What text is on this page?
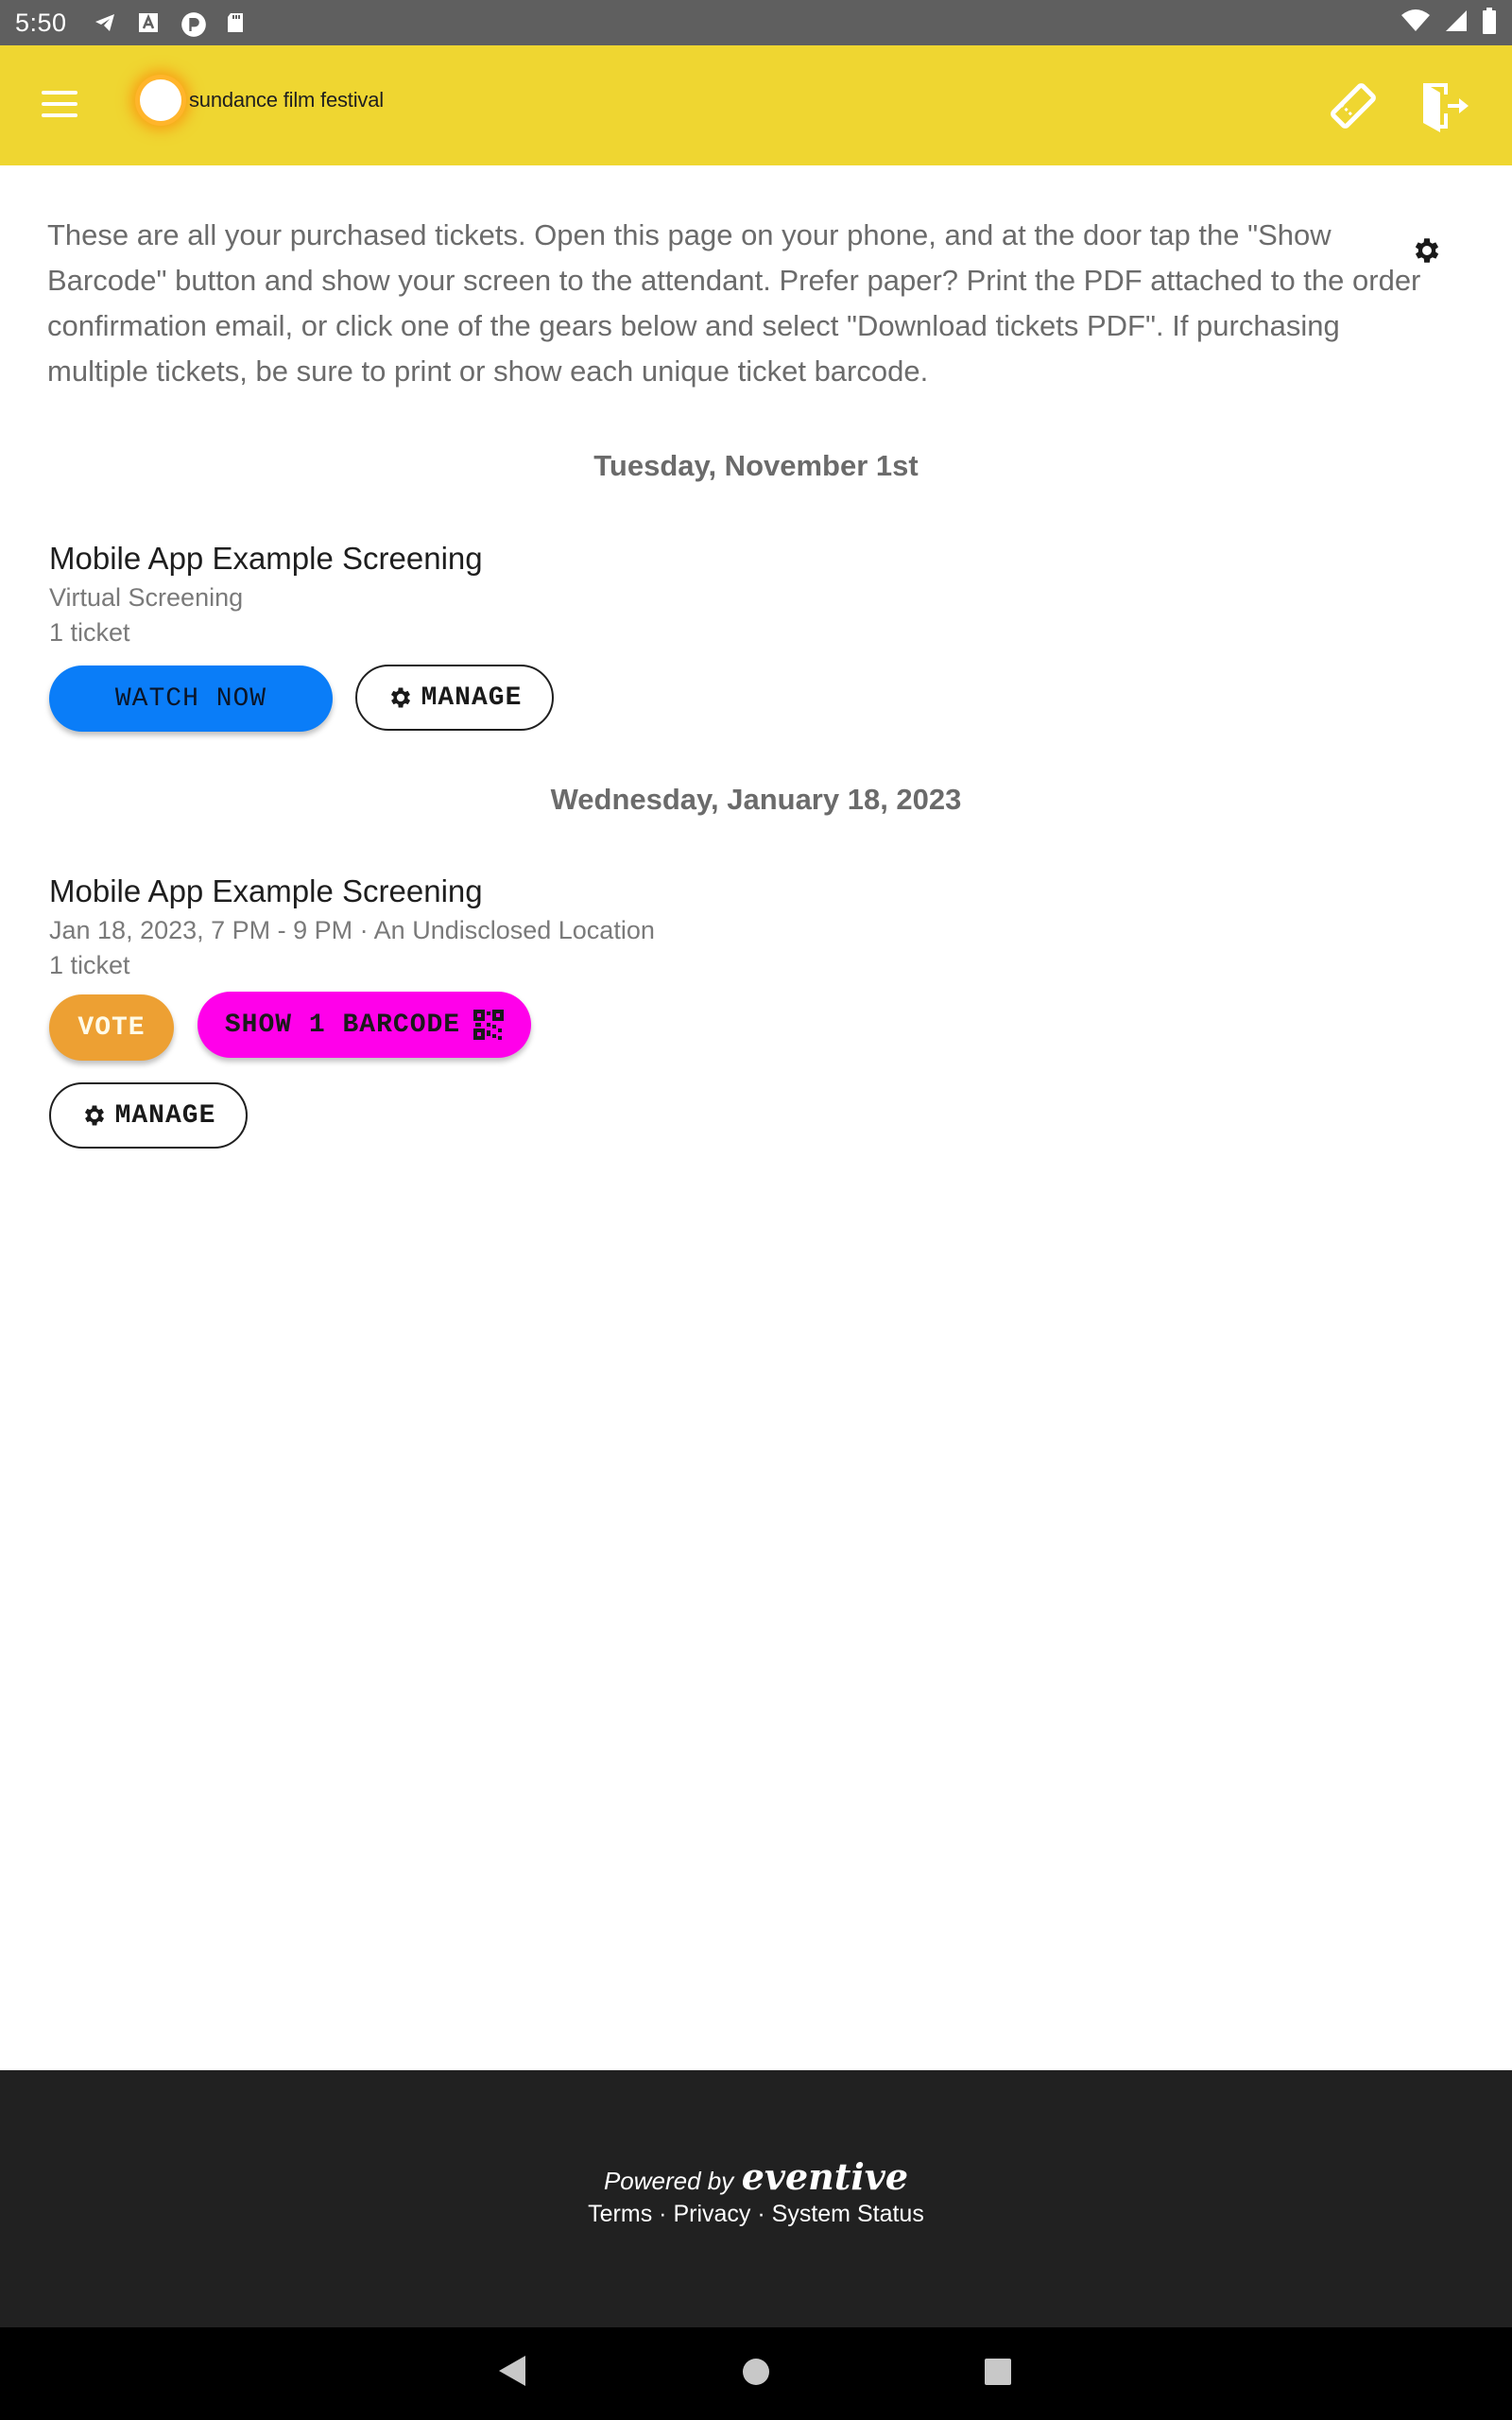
5:50
sundance film festival

These are all your purchased tickets. Open this page on your phone, and at the door tap the "Show Barcode" button and show your screen to the attendant. Prefer paper? Print the PDF attached to the order confirmation email, or click one of the gears below and select "Download tickets PDF". If purchasing multiple tickets, be sure to print or show each unique ticket barcode.

Tuesday, November 1st
Mobile App Example Screening
Virtual Screening
1 ticket
WATCH NOW	MANAGE
Wednesday, January 18, 2023
Mobile App Example Screening
Jan 18, 2023, 7 PM - 9 PM · An Undisclosed Location
1 ticket
VOTE	SHOW 1 BARCODE
MANAGE
Powered by eventive
Terms · Privacy · System Status
